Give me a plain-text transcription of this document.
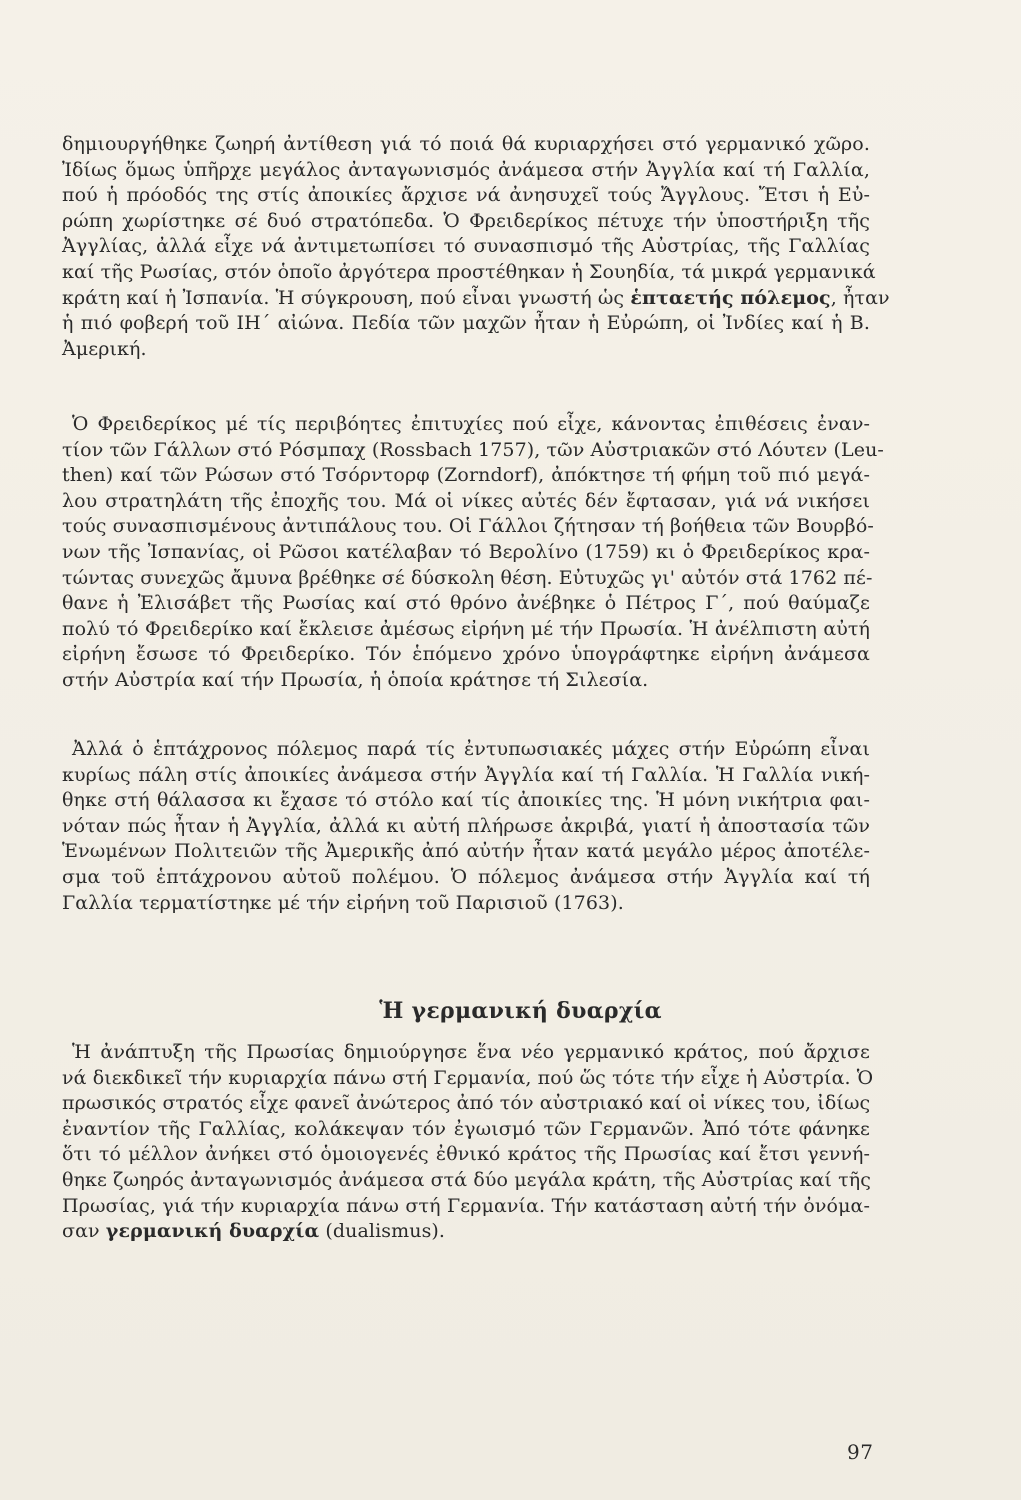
δημιουργήθηκε ζωηρή ἀντίθεση γιά τό ποιά θά κυριαρχήσει στό γερμανικό χῶρο.
Ἰδίως ὅμως ὑπῆρχε μεγάλος ἀνταγωνισμός ἀνάμεσα στήν Ἀγγλία καί τή Γαλλία,
πού ἡ πρόοδός της στίς ἀποικίες ἄρχισε νά ἀνησυχεῖ τούς Ἄγγλους. Ἔτσι ἡ Εὐ-
ρώπη χωρίστηκε σέ δυό στρατόπεδα. Ὁ Φρειδερίκος πέτυχε τήν ὑποστήριξη τῆς
Ἀγγλίας, ἀλλά εἶχε νά ἀντιμετωπίσει τό συνασπισμό τῆς Αὐστρίας, τῆς Γαλλίας
καί τῆς Ρωσίας, στόν ὁποῖο ἀργότερα προστέθηκαν ἡ Σουηδία, τά μικρά γερμανικά
κράτη καί ἡ Ἰσπανία. Ἡ σύγκρουση, πού εἶναι γνωστή ὡς ἑπταετής πόλεμος, ἦταν
ἡ πιό φοβερή τοῦ ΙΗ΄ αἰώνα. Πεδία τῶν μαχῶν ἦταν ἡ Εὐρώπη, οἱ Ἰνδίες καί ἡ Β.
Ἀμερική.
Ὁ Φρειδερίκος μέ τίς περιβόητες ἐπιτυχίες πού εἶχε, κάνοντας ἐπιθέσεις ἐναν-
τίον τῶν Γάλλων στό Ρόσμπαχ (Rossbach 1757), τῶν Αὐστριακῶν στό Λόυτεν (Leu-
then) καί τῶν Ρώσων στό Τσόρντορφ (Zorndorf), ἀπόκτησε τή φήμη τοῦ πιό μεγά-
λου στρατηλάτη τῆς ἐποχῆς του. Μά οἱ νίκες αὐτές δέν ἔφτασαν, γιά νά νικήσει
τούς συνασπισμένους ἀντιπάλους του. Οἱ Γάλλοι ζήτησαν τή βοήθεια τῶν Βουρβό-
νων τῆς Ἰσπανίας, οἱ Ρῶσοι κατέλαβαν τό Βερολίνο (1759) κι ὁ Φρειδερίκος κρα-
τώντας συνεχῶς ἄμυνα βρέθηκε σέ δύσκολη θέση. Εὐτυχῶς γι' αὐτόν στά 1762 πέ-
θανε ἡ Ἐλισάβετ τῆς Ρωσίας καί στό θρόνο ἀνέβηκε ὁ Πέτρος Γ΄, πού θαύμαζε
πολύ τό Φρειδερίκο καί ἔκλεισε ἀμέσως εἰρήνη μέ τήν Πρωσία. Ἡ ἀνέλπιστη αὐτή
εἰρήνη ἔσωσε τό Φρειδερίκο. Τόν ἑπόμενο χρόνο ὑπογράφτηκε εἰρήνη ἀνάμεσα
στήν Αὐστρία καί τήν Πρωσία, ἡ ὁποία κράτησε τή Σιλεσία.
Ἀλλά ὁ ἑπτάχρονος πόλεμος παρά τίς ἐντυπωσιακές μάχες στήν Εὐρώπη εἶναι
κυρίως πάλη στίς ἀποικίες ἀνάμεσα στήν Ἀγγλία καί τή Γαλλία. Ἡ Γαλλία νική-
θηκε στή θάλασσα κι ἔχασε τό στόλο καί τίς ἀποικίες της. Ἡ μόνη νικήτρια φαι-
νόταν πώς ἦταν ἡ Ἀγγλία, ἀλλά κι αὐτή πλήρωσε ἀκριβά, γιατί ἡ ἀποστασία τῶν
Ἑνωμένων Πολιτειῶν τῆς Ἀμερικῆς ἀπό αὐτήν ἦταν κατά μεγάλο μέρος ἀποτέλε-
σμα τοῦ ἑπτάχρονου αὐτοῦ πολέμου. Ὁ πόλεμος ἀνάμεσα στήν Ἀγγλία καί τή
Γαλλία τερματίστηκε μέ τήν εἰρήνη τοῦ Παρισιοῦ (1763).
Ἡ γερμανική δυαρχία
Ἡ ἀνάπτυξη τῆς Πρωσίας δημιούργησε ἕνα νέο γερμανικό κράτος, πού ἄρχισε
νά διεκδικεῖ τήν κυριαρχία πάνω στή Γερμανία, πού ὥς τότε τήν εἶχε ἡ Αὐστρία. Ὁ
πρωσικός στρατός εἶχε φανεῖ ἀνώτερος ἀπό τόν αὐστριακό καί οἱ νίκες του, ἰδίως
ἐναντίον τῆς Γαλλίας, κολάκεψαν τόν ἐγωισμό τῶν Γερμανῶν. Ἀπό τότε φάνηκε
ὅτι τό μέλλον ἀνήκει στό ὁμοιογενές ἐθνικό κράτος τῆς Πρωσίας καί ἔτσι γεννή-
θηκε ζωηρός ἀνταγωνισμός ἀνάμεσα στά δύο μεγάλα κράτη, τῆς Αὐστρίας καί τῆς
Πρωσίας, γιά τήν κυριαρχία πάνω στή Γερμανία. Τήν κατάσταση αὐτή τήν ὀνόμα-
σαν γερμανική δυαρχία (dualismus).
97
